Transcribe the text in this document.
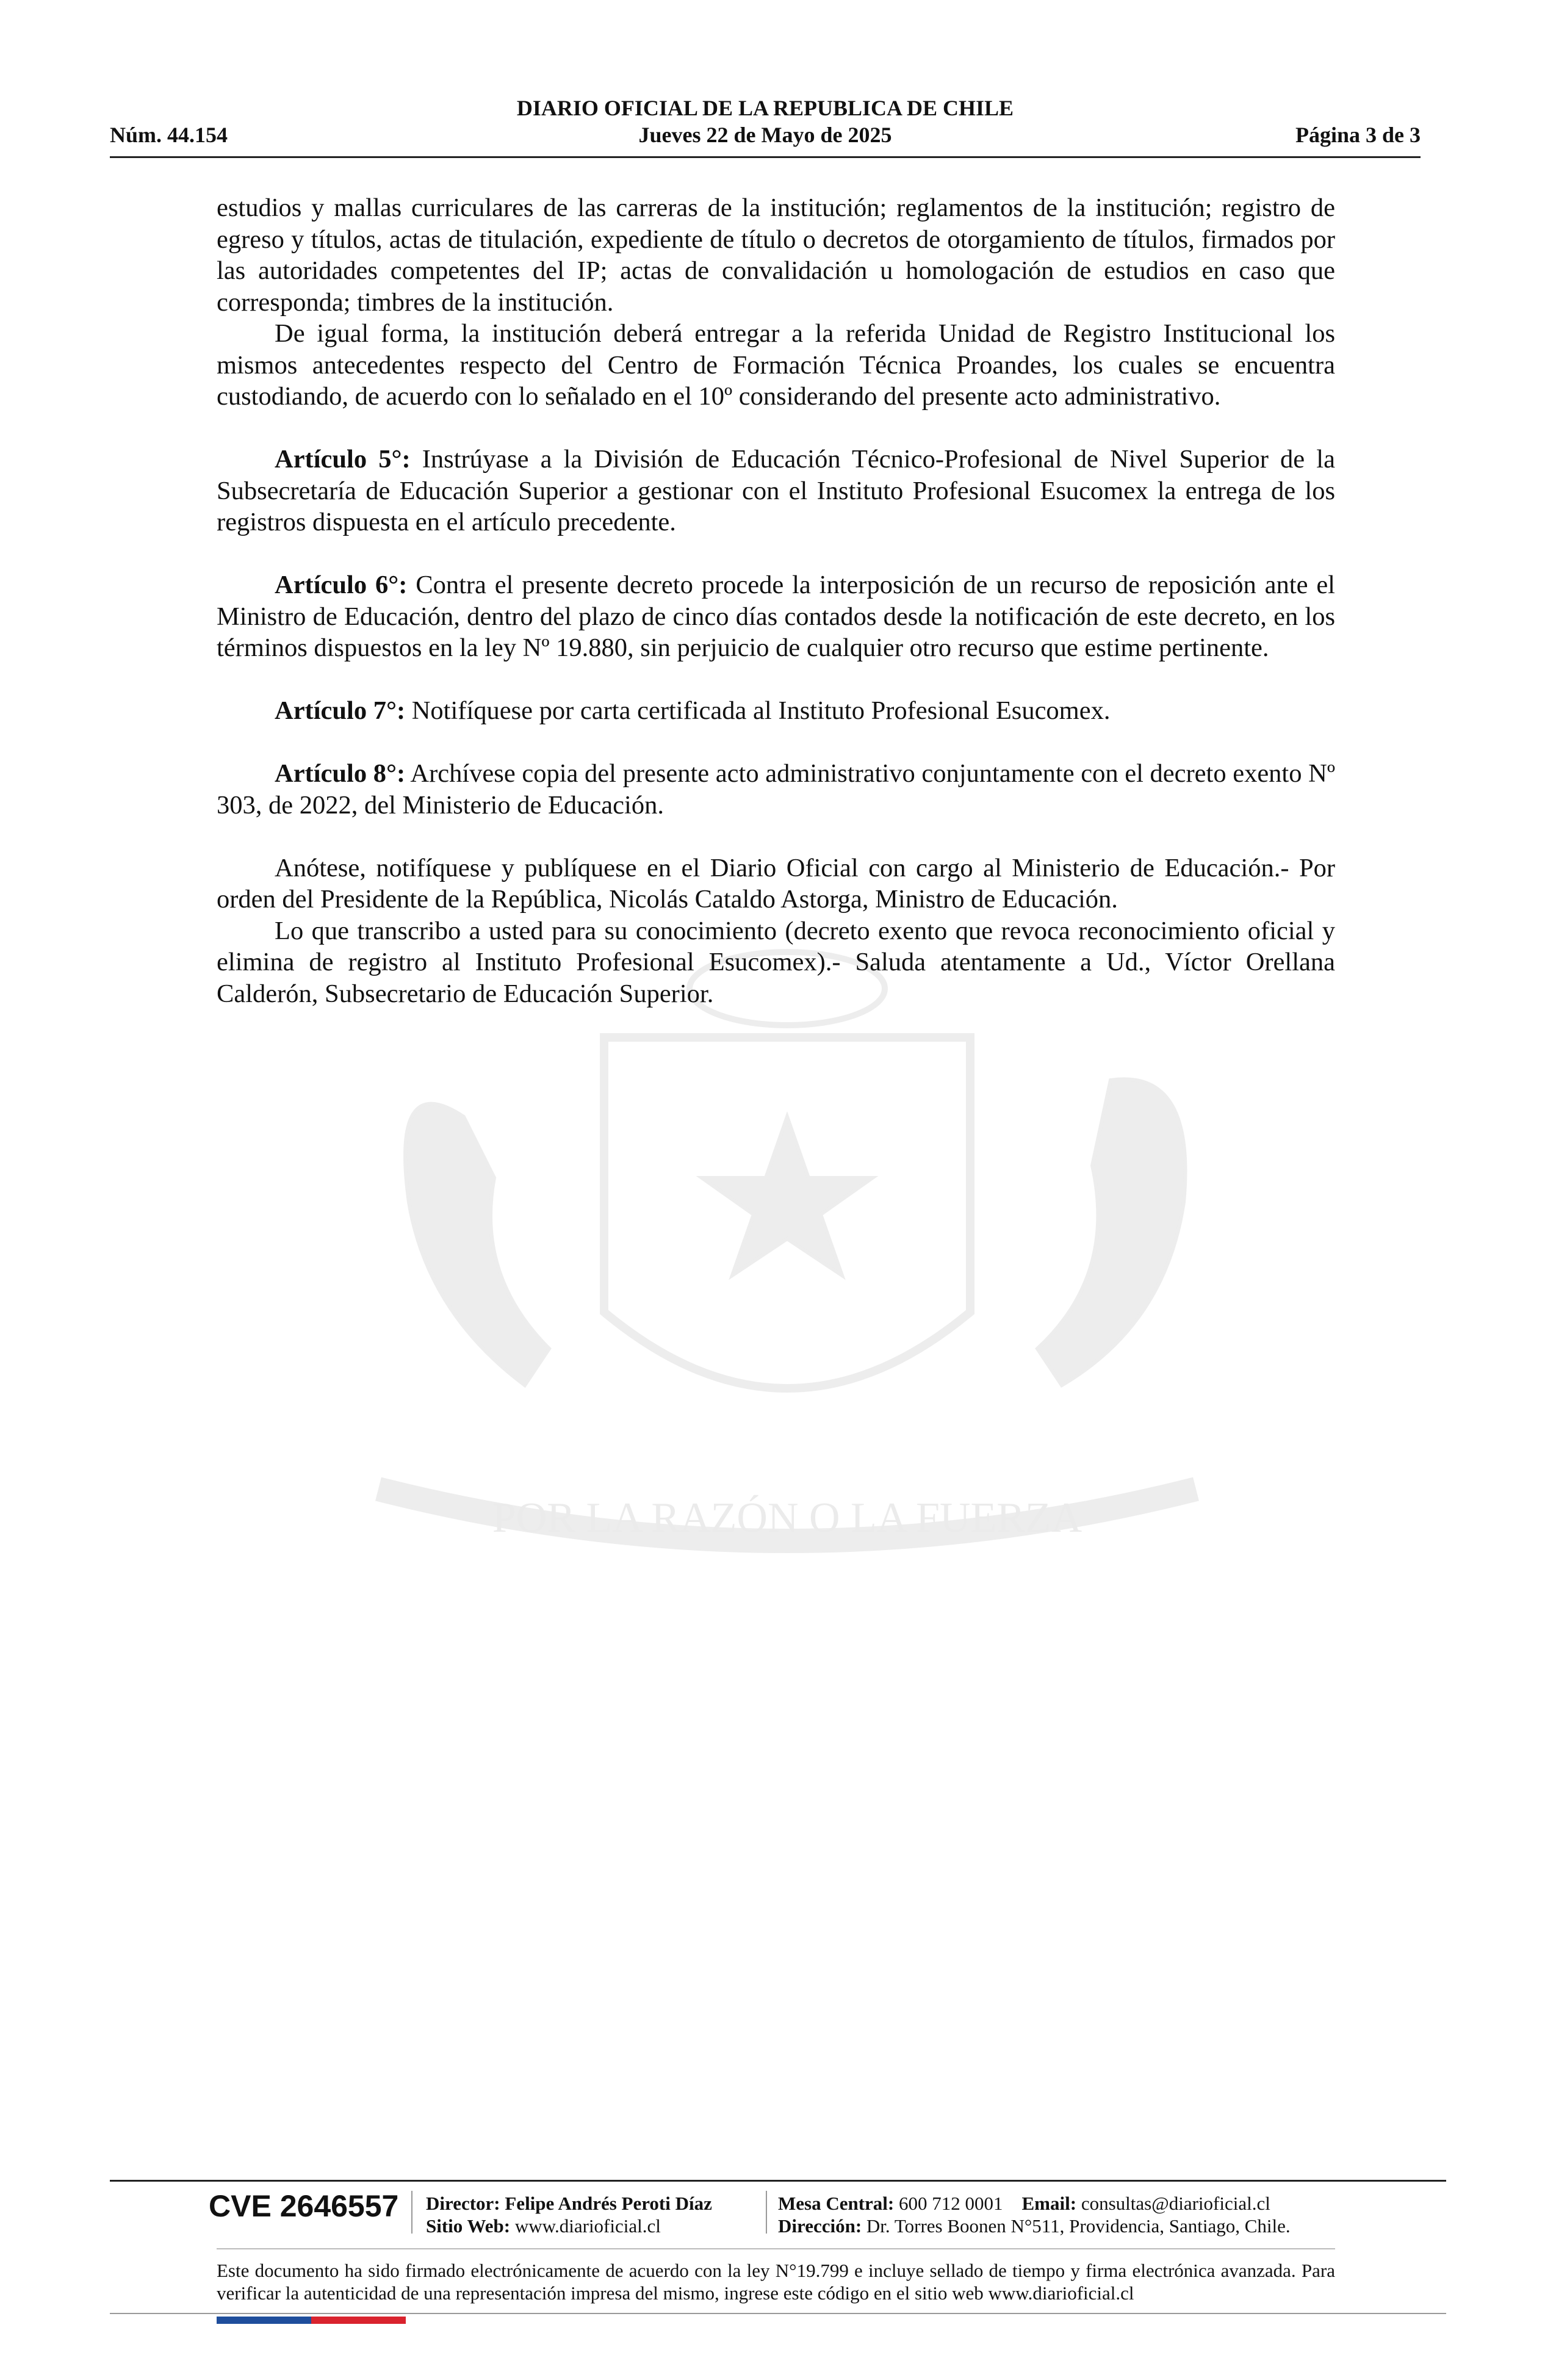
DIARIO OFICIAL DE LA REPUBLICA DE CHILE
Núm. 44.154	Jueves 22 de Mayo de 2025	Página 3 de 3
POR LA RAZÓN O LA FUERZA

estudios y mallas curriculares de las carreras de la institución; reglamentos de la institución; registro de egreso y títulos, actas de titulación, expediente de título o decretos de otorgamiento de títulos, firmados por las autoridades competentes del IP; actas de convalidación u homologación de estudios en caso que corresponda; timbres de la institución.

De igual forma, la institución deberá entregar a la referida Unidad de Registro Institucional los mismos antecedentes respecto del Centro de Formación Técnica Proandes, los cuales se encuentra custodiando, de acuerdo con lo señalado en el 10º considerando del presente acto administrativo.

Artículo 5°: Instrúyase a la División de Educación Técnico-Profesional de Nivel Superior de la Subsecretaría de Educación Superior a gestionar con el Instituto Profesional Esucomex la entrega de los registros dispuesta en el artículo precedente.

Artículo 6°: Contra el presente decreto procede la interposición de un recurso de reposición ante el Ministro de Educación, dentro del plazo de cinco días contados desde la notificación de este decreto, en los términos dispuestos en la ley Nº 19.880, sin perjuicio de cualquier otro recurso que estime pertinente.

Artículo 7°: Notifíquese por carta certificada al Instituto Profesional Esucomex.

Artículo 8°: Archívese copia del presente acto administrativo conjuntamente con el decreto exento Nº 303, de 2022, del Ministerio de Educación.

Anótese, notifíquese y publíquese en el Diario Oficial con cargo al Ministerio de Educación.- Por orden del Presidente de la República, Nicolás Cataldo Astorga, Ministro de Educación.

Lo que transcribo a usted para su conocimiento (decreto exento que revoca reconocimiento oficial y elimina de registro al Instituto Profesional Esucomex).- Saluda atentamente a Ud., Víctor Orellana Calderón, Subsecretario de Educación Superior.

CVE 2646557 Director: Felipe Andrés Peroti Díaz
Sitio Web: www.diarioficial.cl
Mesa Central: 600 712 0001 Email: consultas@diarioficial.cl
Dirección: Dr. Torres Boonen N°511, Providencia, Santiago, Chile.
Este documento ha sido firmado electrónicamente de acuerdo con la ley N°19.799 e incluye sellado de tiempo y firma electrónica avanzada. Para verificar la autenticidad de una representación impresa del mismo, ingrese este código en el sitio web www.diarioficial.cl
